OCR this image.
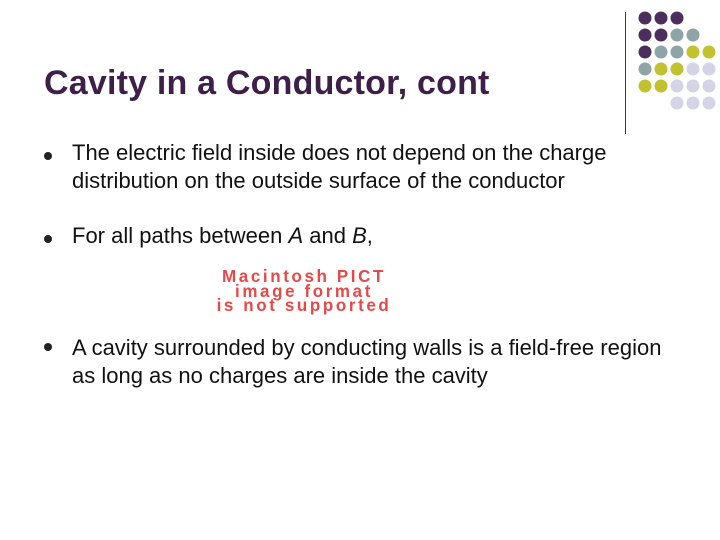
Cavity in a Conductor, cont

The electric field inside does not depend on the charge distribution on the outside surface of the conductor

For all paths between A and B,

Macintosh PICT
image format
is not supported

A cavity surrounded by conducting walls is a field-free region as long as no charges are inside the cavity
